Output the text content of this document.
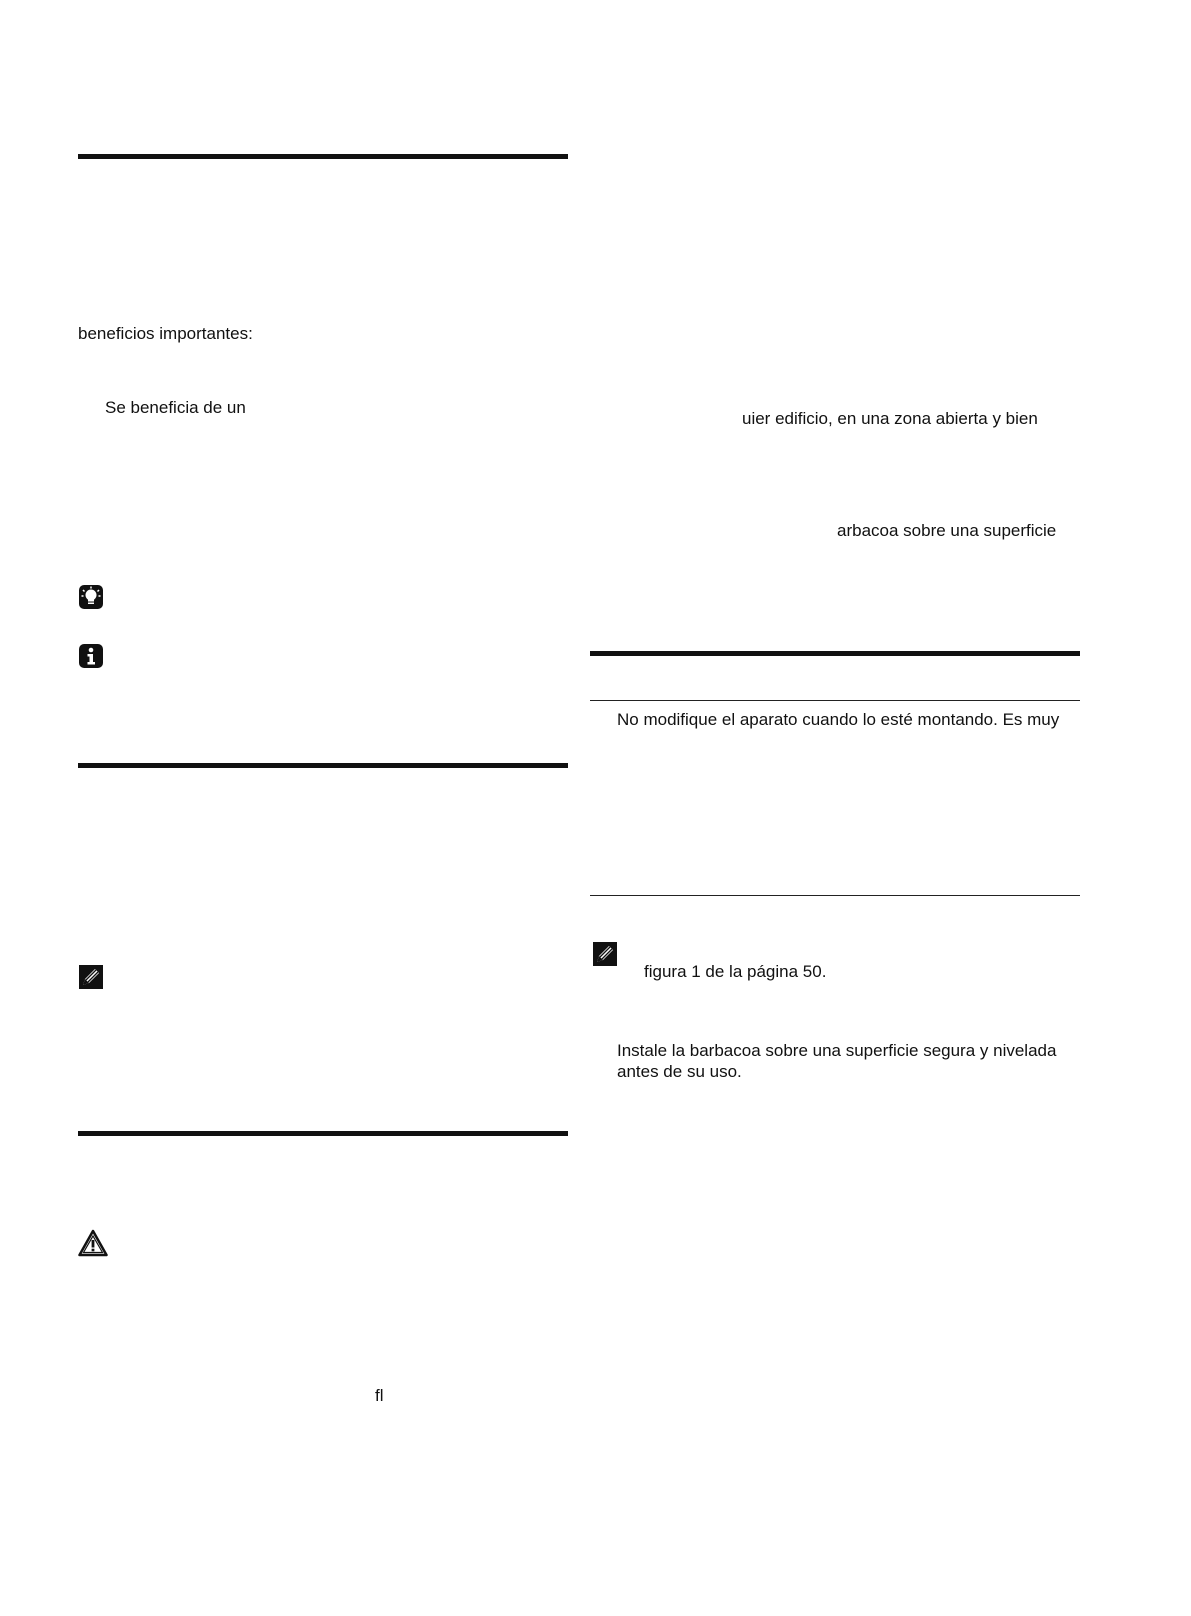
beneficios importantes:
Se beneficia de un
fl
uier edificio, en una zona abierta y bien
arbacoa sobre una superficie
No modifique el aparato cuando lo esté montando. Es muy
figura 1 de la página 50.
Instale la barbacoa sobre una superficie segura y nivelada
antes de su uso.
